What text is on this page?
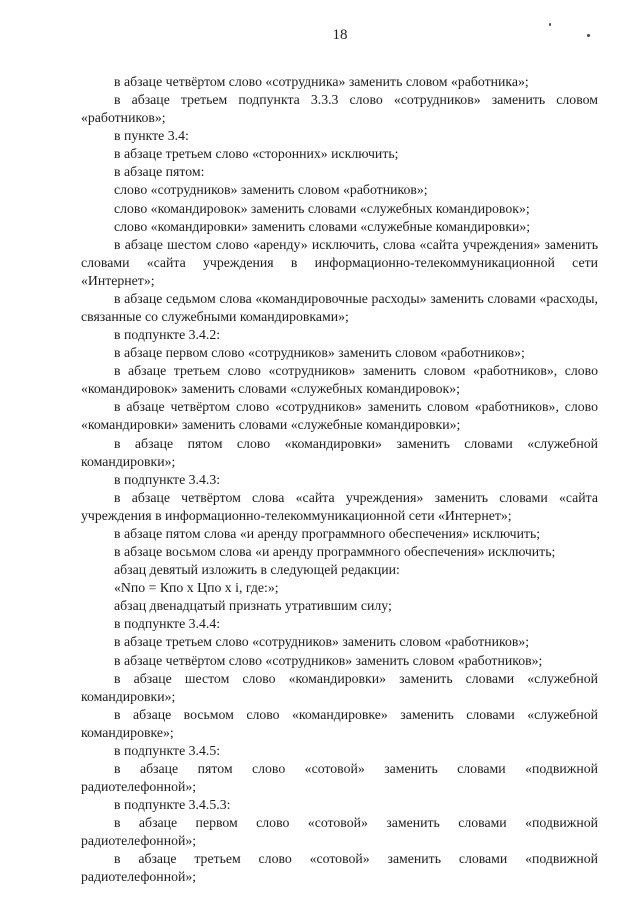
18

в абзаце четвёртом слово «сотрудника» заменить словом «работника»;

в абзаце третьем подпункта 3.3.3 слово «сотрудников» заменить словом «работников»;

в пункте 3.4:

в абзаце третьем слово «сторонних» исключить;

в абзаце пятом:

слово «сотрудников» заменить словом «работников»;

слово «командировок» заменить словами «служебных командировок»;

слово «командировки» заменить словами «служебные командировки»;

в абзаце шестом слово «аренду» исключить, слова «сайта учреждения» заменить словами «сайта учреждения в информационно-телекоммуникационной сети «Интернет»;

в абзаце седьмом слова «командировочные расходы» заменить словами «расходы, связанные со служебными командировками»;

в подпункте 3.4.2:

в абзаце первом слово «сотрудников» заменить словом «работников»;

в абзаце третьем слово «сотрудников» заменить словом «работников», слово «командировок» заменить словами «служебных командировок»;

в абзаце четвёртом слово «сотрудников» заменить словом «работников», слово «командировки» заменить словами «служебные командировки»;

в абзаце пятом слово «командировки» заменить словами «служебной командировки»;

в подпункте 3.4.3:

в абзаце четвёртом слова «сайта учреждения» заменить словами «сайта учреждения в информационно-телекоммуникационной сети «Интернет»;

в абзаце пятом слова «и аренду программного обеспечения» исключить;

в абзаце восьмом слова «и аренду программного обеспечения» исключить;

абзац девятый изложить в следующей редакции:

«Nпо = Кпо х Цпо х i, где:»;

абзац двенадцатый признать утратившим силу;

в подпункте 3.4.4:

в абзаце третьем слово «сотрудников» заменить словом «работников»;

в абзаце четвёртом слово «сотрудников» заменить словом «работников»;

в абзаце шестом слово «командировки» заменить словами «служебной командировки»;

в абзаце восьмом слово «командировке» заменить словами «служебной командировке»;

в подпункте 3.4.5:

в абзаце пятом слово «сотовой» заменить словами «подвижной радиотелефонной»;

в подпункте 3.4.5.3:

в абзаце первом слово «сотовой» заменить словами «подвижной радиотелефонной»;

в абзаце третьем слово «сотовой» заменить словами «подвижной радиотелефонной»;
